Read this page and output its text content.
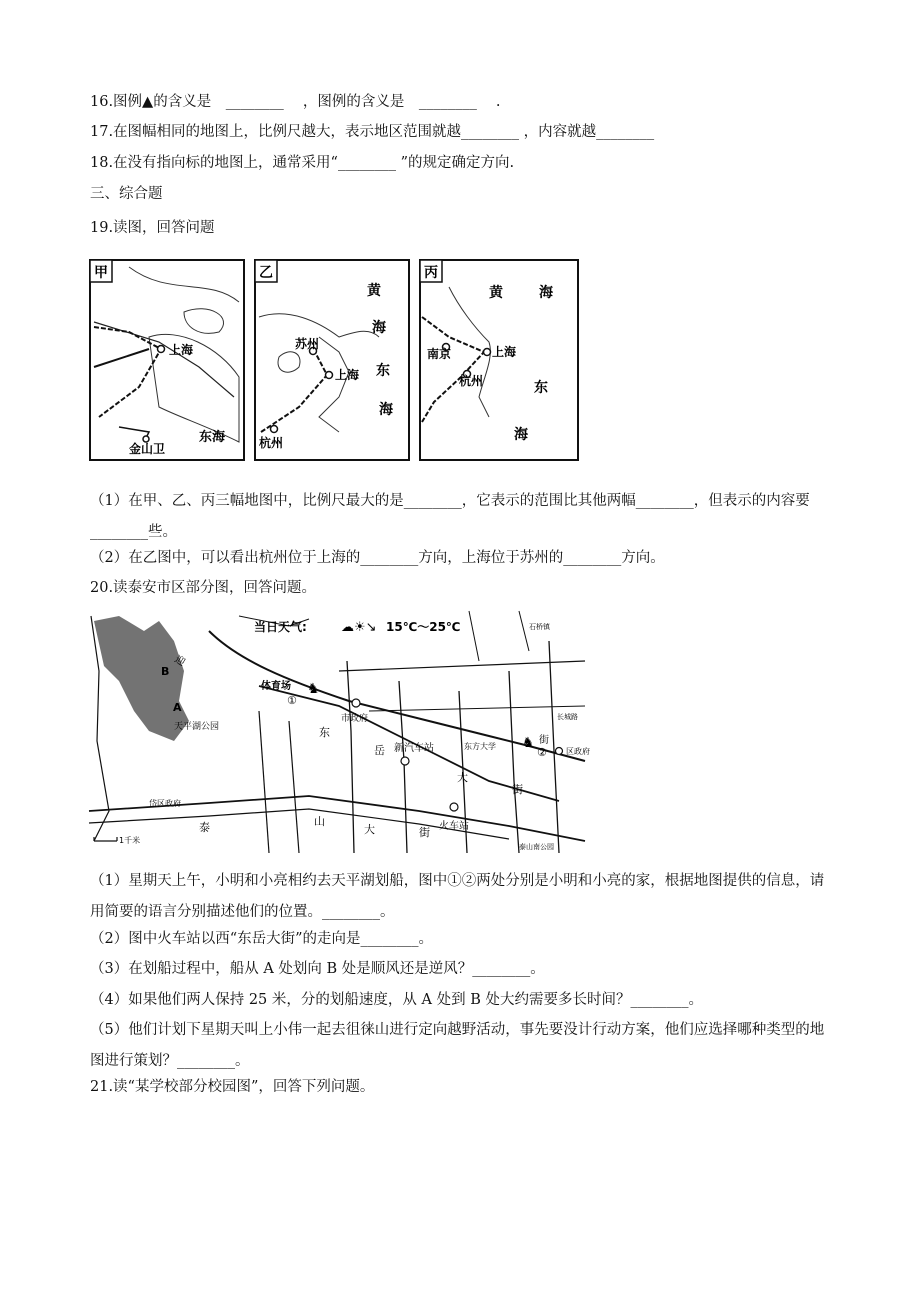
16.图例▲的含义是　________　 ，图例的含义是　________　 .
17.在图幅相同的地图上，比例尺越大，表示地区范围就越________ ，内容就越________
18.在没有指向标的地图上，通常采用“________ ”的规定确定方向.
三、综合题
19.读图，回答问题
甲
上海
金山卫
东海
乙
苏州
上海
杭州
黄
海
东
海
丙
南京	上海
杭州
黄	海
东
海
（1）在甲、乙、丙三幅地图中，比例尺最大的是________，它表示的范围比其他两幅________，但表示的内容要________些。
（2）在乙图中，可以看出杭州位于上海的________方向，上海位于苏州的________方向。
20.读泰安市区部分图，回答问题。
当日天气:	☁☀↘ 15℃～25℃
迎
体育场
①
♞
市政府
B
A
天平湖公园	东
岳 新汽车站
大
街
东方大学 ♞
②
街
区政府
火车站
泰	山
大	街
岱区政府
泰山南公园
石桥镇
长城路
1千米
（1）星期天上午，小明和小亮相约去天平湖划船，图中①②两处分别是小明和小亮的家，根据地图提供的信息，请用简要的语言分别描述他们的位置。________。
（2）图中火车站以西“东岳大街”的走向是________。
（3）在划船过程中，船从 A 处划向 B 处是顺风还是逆风？________。
（4）如果他们两人保持 25 米，分的划船速度，从 A 处到 B 处大约需要多长时间？________。
（5）他们计划下星期天叫上小伟一起去徂徕山进行定向越野活动，事先要没计行动方案，他们应选择哪种类型的地图进行策划？________。
21.读“某学校部分校园图”，回答下列问题。
